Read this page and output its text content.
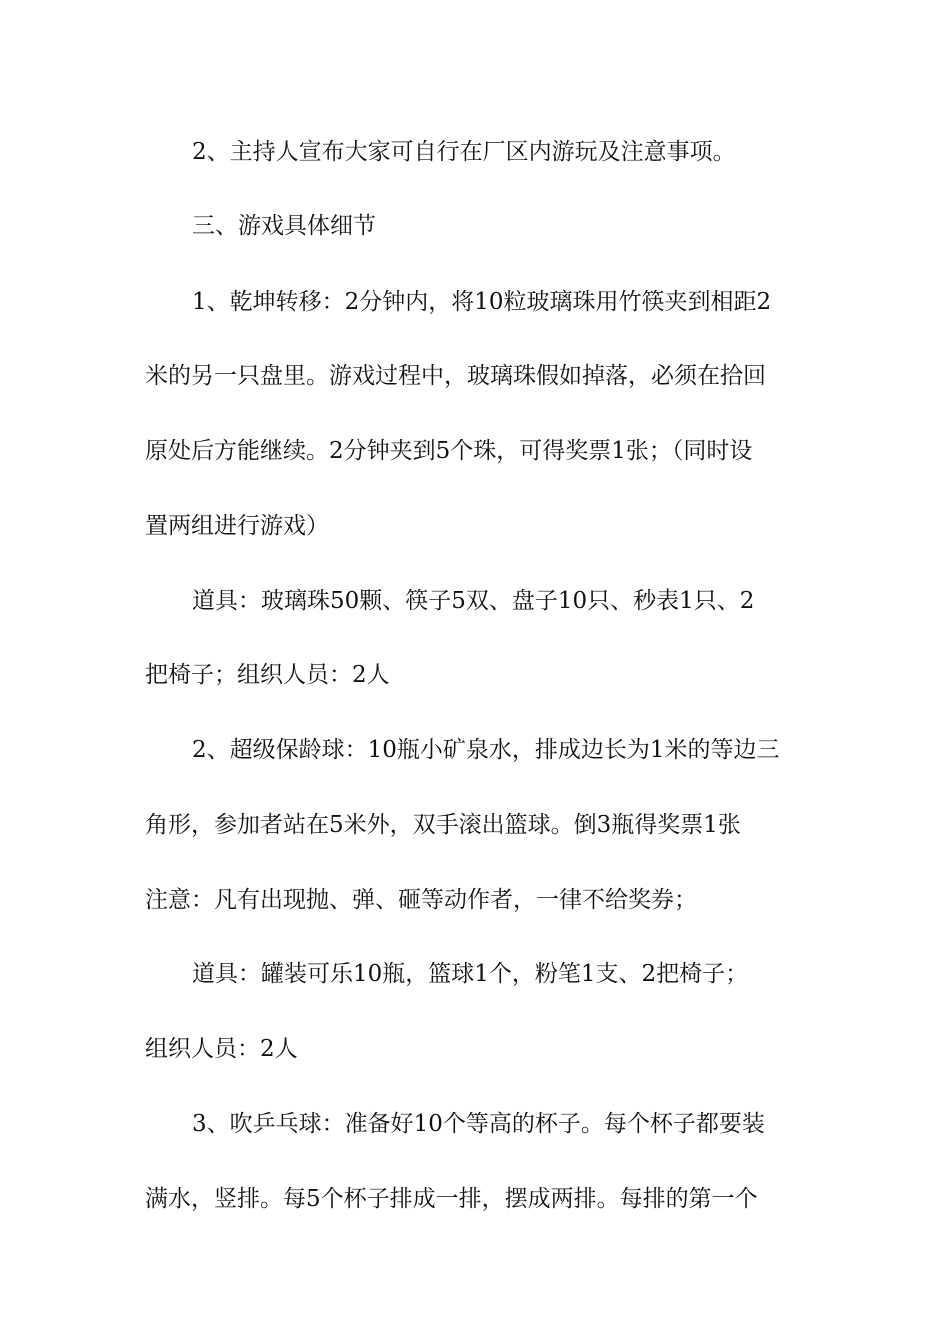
2、主持人宣布大家可自行在厂区内游玩及注意事项。
三、游戏具体细节
1、乾坤转移：2分钟内，将10粒玻璃珠用竹筷夹到相距2
米的另一只盘里。游戏过程中，玻璃珠假如掉落，必须在拾回
原处后方能继续。2分钟夹到5个珠，可得奖票1张；（同时设
置两组进行游戏）
道具：玻璃珠50颗、筷子5双、盘子10只、秒表1只、2
把椅子；组织人员：2人
2、超级保龄球：10瓶小矿泉水，排成边长为1米的等边三
角形，参加者站在5米外，双手滚出篮球。倒3瓶得奖票1张
注意：凡有出现抛、弹、砸等动作者，一律不给奖券；
道具：罐装可乐10瓶，篮球1个，粉笔1支、2把椅子；
组织人员：2人
3、吹乒乓球：准备好10个等高的杯子。每个杯子都要装
满水，竖排。每5个杯子排成一排，摆成两排。每排的第一个
